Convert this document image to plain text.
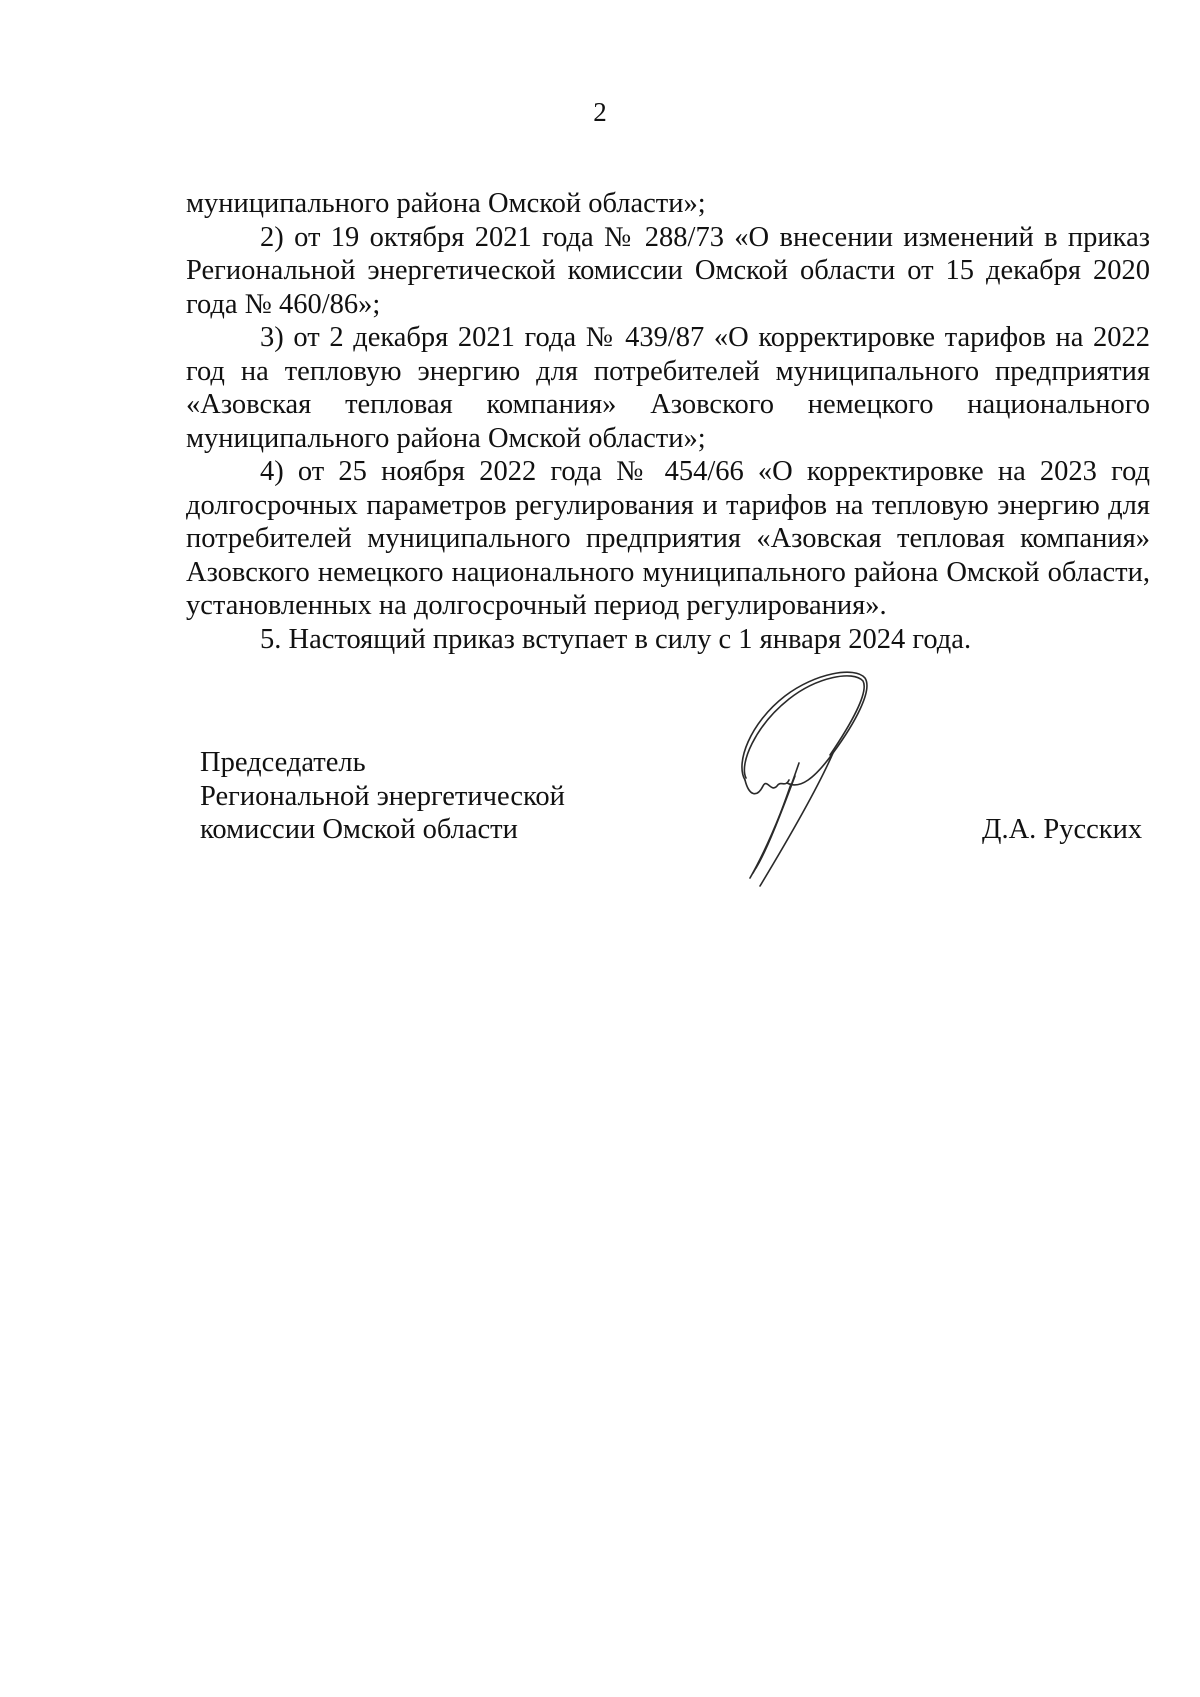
2

муниципального района Омской области»;

2) от 19 октября 2021 года № 288/73 «О внесении изменений в приказ Региональной энергетической комиссии Омской области от 15 декабря 2020 года № 460/86»;

3) от 2 декабря 2021 года № 439/87 «О корректировке тарифов на 2022 год на тепловую энергию для потребителей муниципального предприятия «Азовская тепловая компания» Азовского немецкого национального муниципального района Омской области»;

4) от 25 ноября 2022 года № 454/66 «О корректировке на 2023 год долгосрочных параметров регулирования и тарифов на тепловую энергию для потребителей муниципального предприятия «Азовская тепловая компания» Азовского немецкого национального муниципального района Омской области, установленных на долгосрочный период регулирования».

5. Настоящий приказ вступает в силу с 1 января 2024 года.

Председатель
Региональной энергетической
комиссии Омской области	Д.А. Русских
